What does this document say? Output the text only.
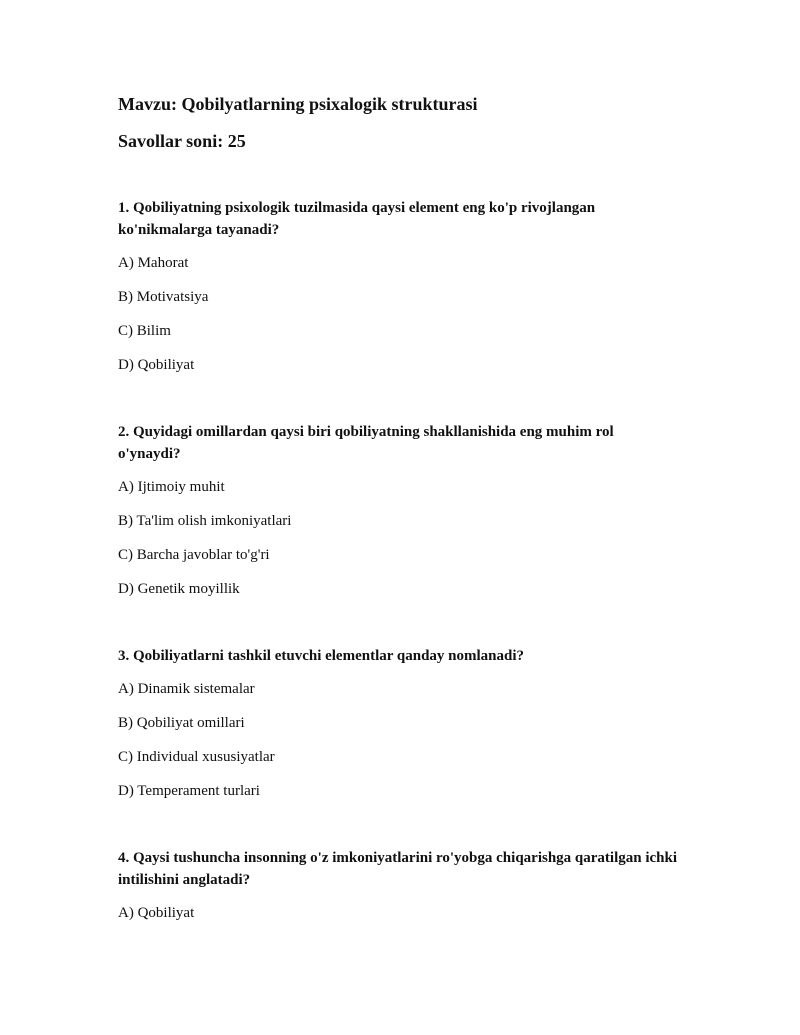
Mavzu: Qobilyatlarning psixalogik strukturasi

Savollar soni: 25

1. Qobiliyatning psixologik tuzilmasida qaysi element eng ko'p rivojlangan ko'nikmalarga tayanadi?

A) Mahorat

B) Motivatsiya

C) Bilim

D) Qobiliyat

2. Quyidagi omillardan qaysi biri qobiliyatning shakllanishida eng muhim rol o'ynaydi?

A) Ijtimoiy muhit

B) Ta'lim olish imkoniyatlari

C) Barcha javoblar to'g'ri

D) Genetik moyillik

3. Qobiliyatlarni tashkil etuvchi elementlar qanday nomlanadi?

A) Dinamik sistemalar

B) Qobiliyat omillari

C) Individual xususiyatlar

D) Temperament turlari

4. Qaysi tushuncha insonning o'z imkoniyatlarini ro'yobga chiqarishga qaratilgan ichki intilishini anglatadi?

A) Qobiliyat
